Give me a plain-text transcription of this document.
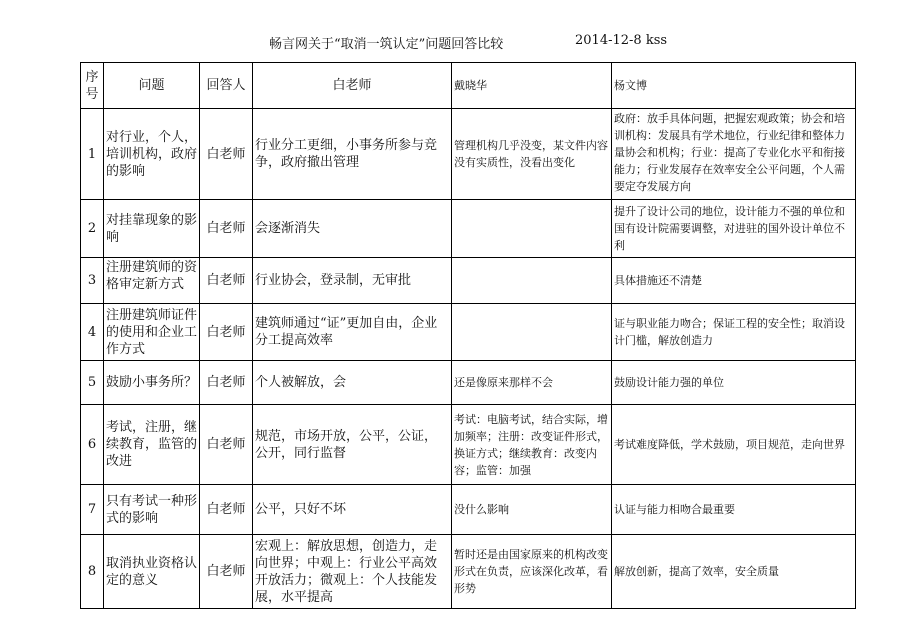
畅言网关于“取消一筑认定”问题回答比较	2014-12-8 kss
序号	问题	回答人	白老师	戴晓华	杨文博
1	对行业，个人，培训机构，政府的影响	白老师	行业分工更细，小事务所参与竞争，政府撤出管理	管理机构几乎没变，某文件内容没有实质性，没看出变化	政府：放手具体问题，把握宏观政策；协会和培训机构：发展具有学术地位，行业纪律和整体力量协会和机构；行业：提高了专业化水平和衔接能力；行业发展存在效率安全公平问题，个人需要定夺发展方向

2	对挂靠现象的影响	白老师	会逐渐消失		提升了设计公司的地位，设计能力不强的单位和国有设计院需要调整，对进驻的国外设计单位不利
3	注册建筑师的资格审定新方式	白老师	行业协会，登录制，无审批		具体措施还不清楚
4	注册建筑师证件的使用和企业工作方式	白老师	建筑师通过“证”更加自由，企业分工提高效率		证与职业能力吻合；保证工程的安全性；取消设计门槛，解放创造力
5	鼓励小事务所？	白老师	个人被解放，会	还是像原来那样不会	鼓励设计能力强的单位
6	考试，注册，继续教育，监管的改进	白老师	规范，市场开放，公平，公证，公开，同行监督	考试：电脑考试，结合实际，增加频率；注册：改变证件形式，换证方式；继续教育：改变内容；监管：加强	考试难度降低，学术鼓励，项目规范，走向世界
7	只有考试一种形式的影响	白老师	公平，只好不坏	没什么影响	认证与能力相吻合最重要
8	取消执业资格认定的意义	白老师	宏观上：解放思想，创造力，走向世界；中观上：行业公平高效开放活力；微观上：个人技能发展，水平提高	暂时还是由国家原来的机构改变形式在负责，应该深化改革，看形势	解放创新，提高了效率，安全质量
